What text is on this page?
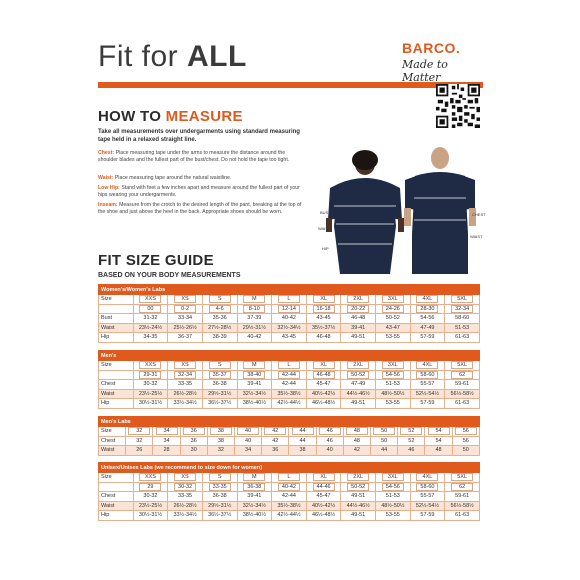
Fit for ALL	BARCO.
Made to Matter
HOW TO MEASURE
Take all measurements over undergarments using standard measuring tape held in a relaxed straight line.
Chest: Place measuring tape under the arms to measure the distance around the shoulder blades and the fullest part of the bust/chest. Do not hold the tape too tight.
Waist: Place measuring tape around the natural waistline.
Low Hip: Stand with feet a few inches apart and measure around the fullest part of your hips wearing your undergarments.
Inseam: Measure from the crotch to the desired length of the pant, breaking at the top of the shoe and just above the heel in the back. Appropriate shoes should be worn.	BUST
WAIST
HIP
CHEST
WAIST
FIT SIZE GUIDE
BASED ON YOUR BODY MEASUREMENTS
Women's/Women's Labs										
Size	XXS	XS	S	M	L	XL	2XL	3XL	4XL	5XL
	00	0-2	4-6	8-10	12-14	16-18	20-22	24-26	28-30	32-34
Bust	31-32	33-34	35-36	37-39	40-42	43-45	46-48	50-52	54-56	58-60
Waist	23½-24½	25½-26½	27½-28½	29½-31½	32½-34½	35½-37½	39-41	43-47	47-49	51-53
Hip	34-35	36-37	38-39	40-42	43-45	46-48	49-51	53-55	57-59	61-63
Men's										
Size	XXS	XS	S	M	L	XL	2XL	3XL	4XL	5XL
	29-31	32-34	35-37	38-40	42-44	46-48	50-52	54-56	58-60	62
Chest	30-32	33-35	36-38	39-41	42-44	45-47	47-49	51-53	55-57	59-61
Waist	23½-25½	26½-28½	29½-31½	32½-34½	35½-38½	40½-42½	44½-46½	48½-50½	52½-54½	56½-58½
Hip	30½-31½	33½-34½	36½-37½	38½-40½	42½-44½	46½-48½	49-51	53-55	57-59	61-63
Men's Labs													
Size	32	34	36	38	40	42	44	46	48	50	52	54	56
Chest	32	34	36	38	40	42	44	46	48	50	52	54	56
Waist	26	28	30	32	34	36	38	40	42	44	46	48	50
Unisex/Unisex Labs (we recommend to size down for women)										
Size	XXS	XS	S	M	L	XL	2XL	3XL	4XL	5XL
	29	30-32	33-35	36-38	40-42	44-46	50-52	54-56	58-60	62
Chest	30-32	33-35	36-38	39-41	42-44	45-47	49-51	51-53	55-57	59-61
Waist	23½-25½	26½-28½	29½-31½	32½-34½	35½-38½	40½-42½	44½-46½	48½-50½	52½-54½	56½-58½
Hip	30½-31½	33½-34½	36½-37½	38½-40½	42½-44½	46½-48½	49-51	53-55	57-59	61-63
